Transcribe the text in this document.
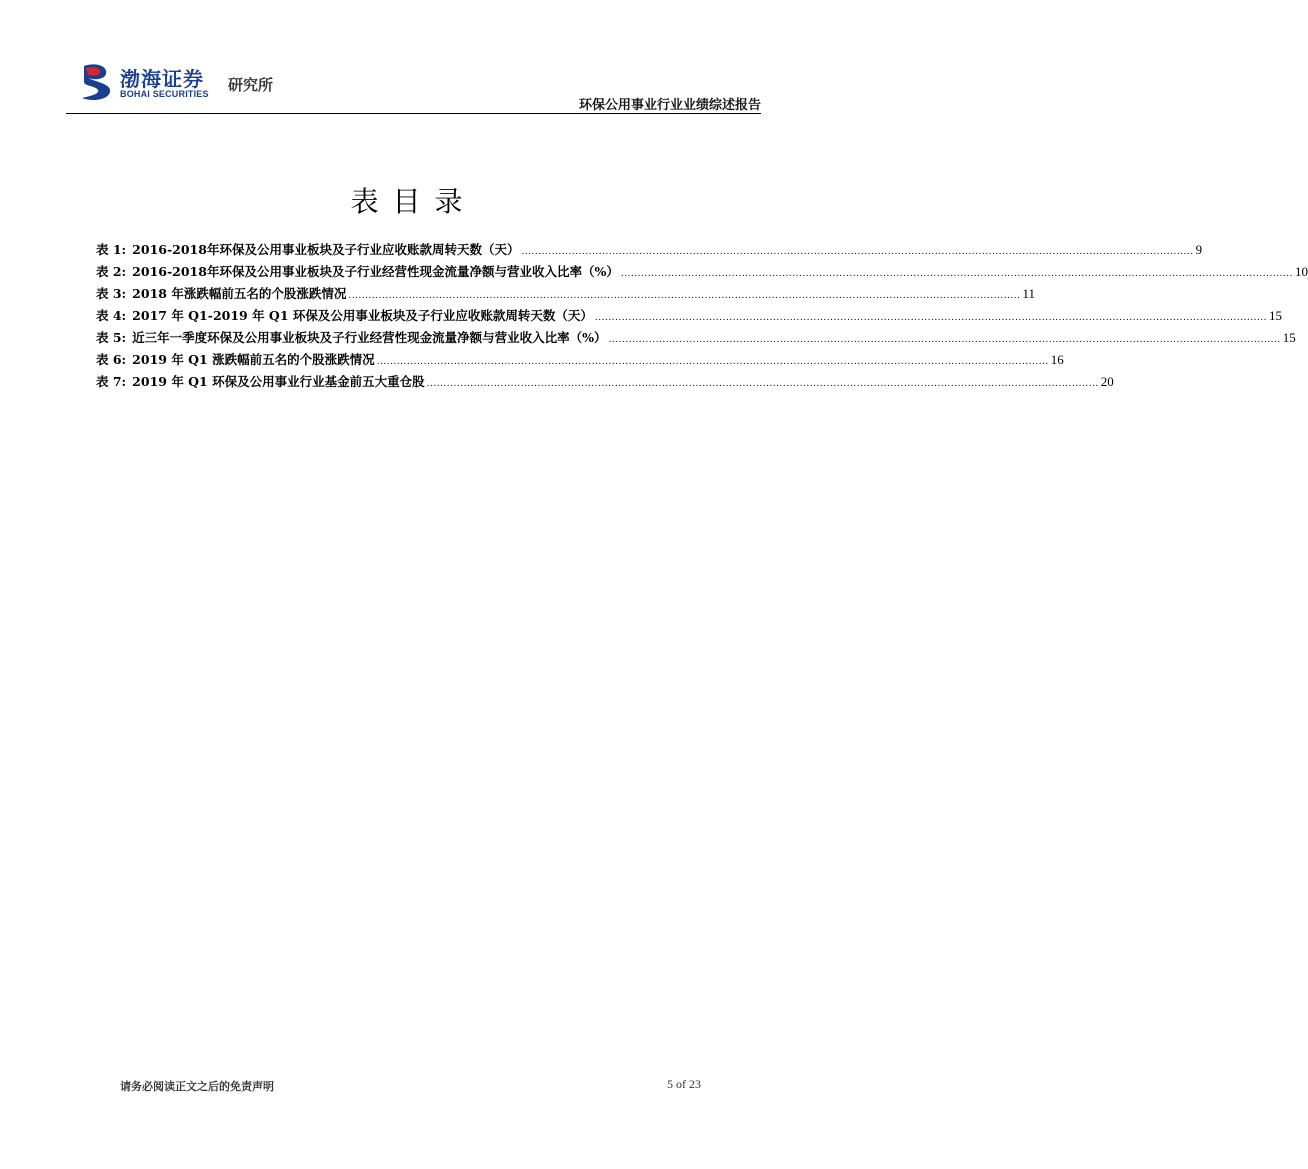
渤海证券
BOHAI SECURITIES 研究所
环保公用事业行业业绩综述报告
表目录
表 1: 2016-2018年环保及公用事业板块及子行业应收账款周转天数（天） ........................................................................................................................................................................................................ 9
表 2: 2016-2018年环保及公用事业板块及子行业经营性现金流量净额与营业收入比率（%） ........................................................................................................................................................................................................ 10
表 3: 2018 年涨跌幅前五名的个股涨跌情况 ........................................................................................................................................................................................................ 11
表 4: 2017 年 Q1-2019 年 Q1 环保及公用事业板块及子行业应收账款周转天数（天） ........................................................................................................................................................................................................ 15
表 5: 近三年一季度环保及公用事业板块及子行业经营性现金流量净额与营业收入比率（%） ........................................................................................................................................................................................................ 15
表 6: 2019 年 Q1 涨跌幅前五名的个股涨跌情况 ........................................................................................................................................................................................................ 16
表 7: 2019 年 Q1 环保及公用事业行业基金前五大重仓股 ........................................................................................................................................................................................................ 20
请务必阅读正文之后的免责声明	5 of 23
